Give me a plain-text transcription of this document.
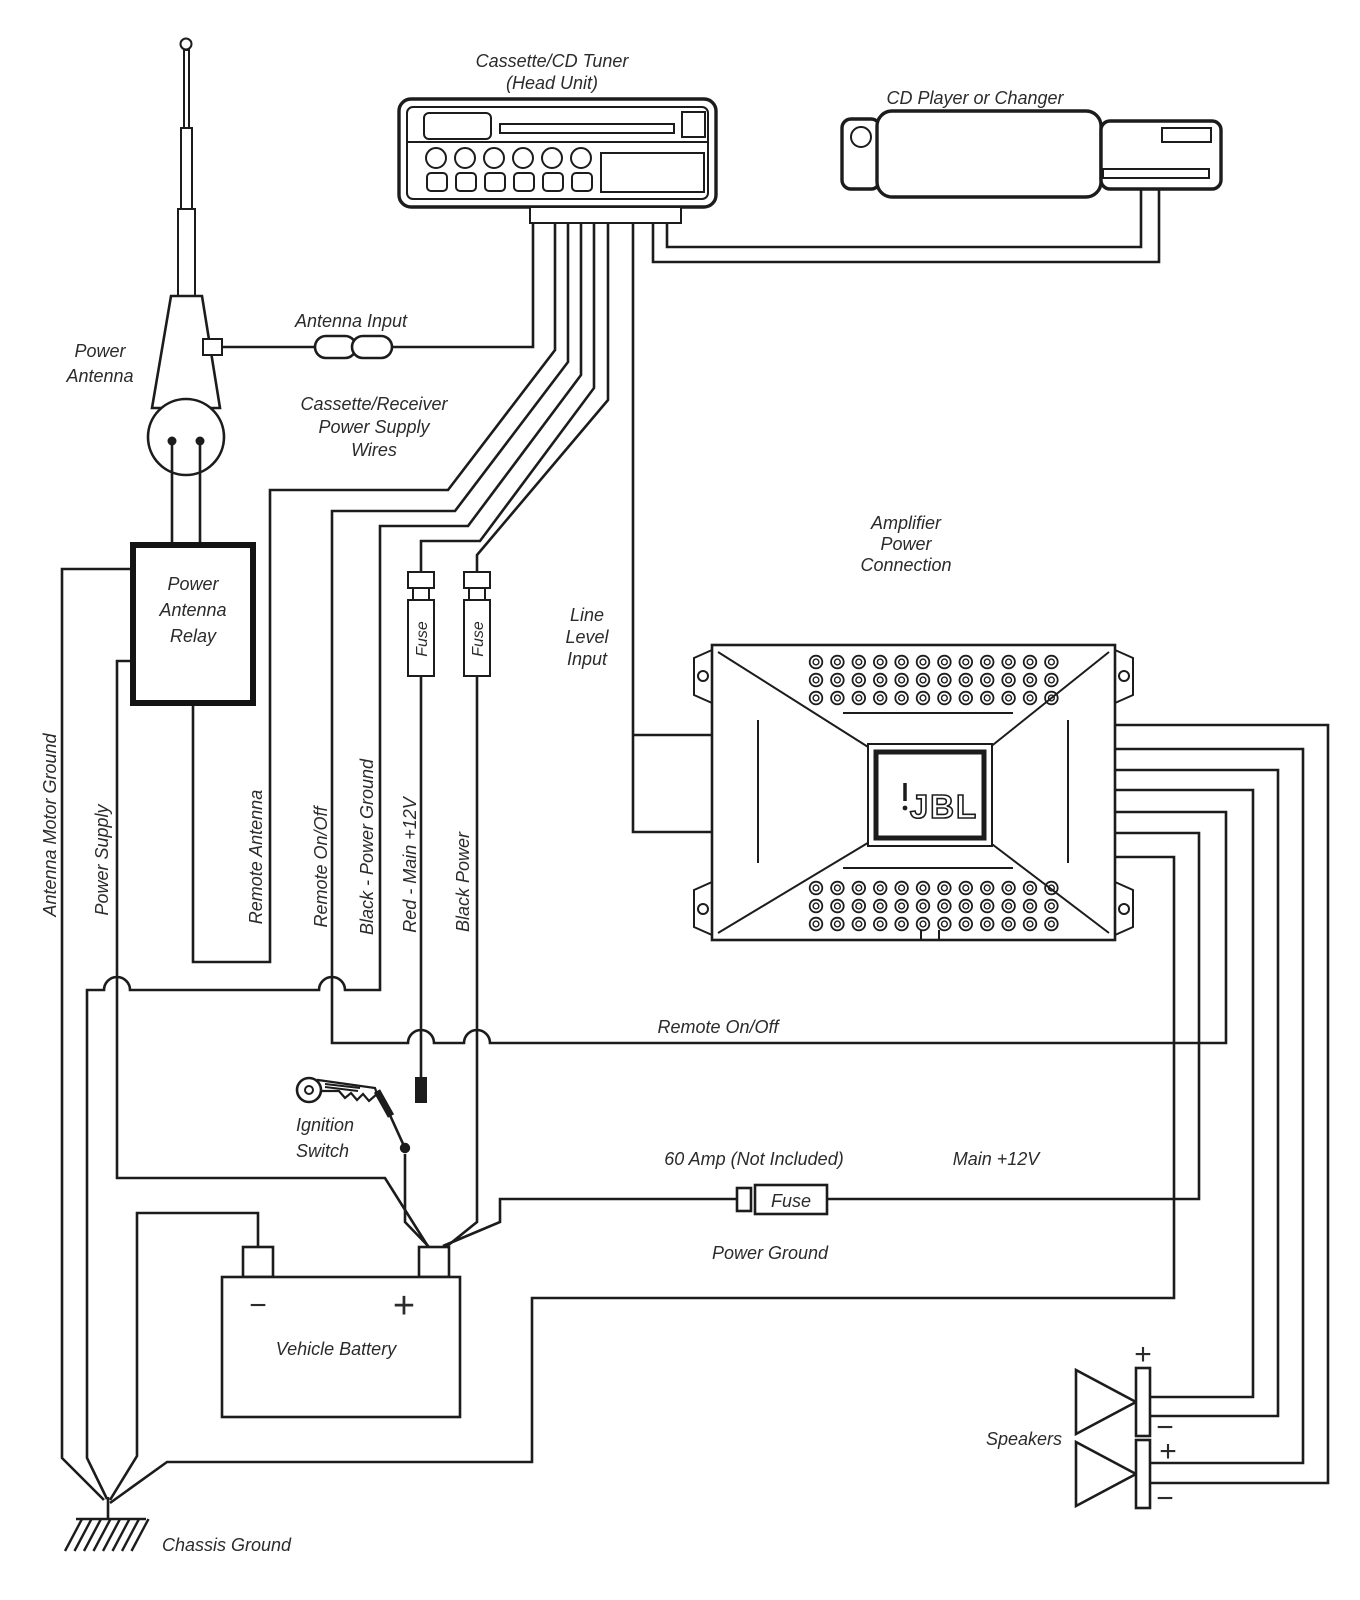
Power
Antenna
Relay	Fuse Fuse
Fuse
JBL
−	+
Vehicle Battery	+
−
+
−
Cassette/CD Tuner
(Head Unit)
CD Player or Changer
Antenna Input
Power
Antenna
Cassette/Receiver
Power Supply
Wires
Amplifier
Power
Connection
Line
Level
Input
Antenna Motor Ground Power Supply	Remote Antenna	Remote On/Off Black - Power Ground Red - Main +12V Black Power
Remote On/Off
Ignition
Switch	60 Amp (Not Included)	Main +12V
Power Ground
Speakers
Chassis Ground
